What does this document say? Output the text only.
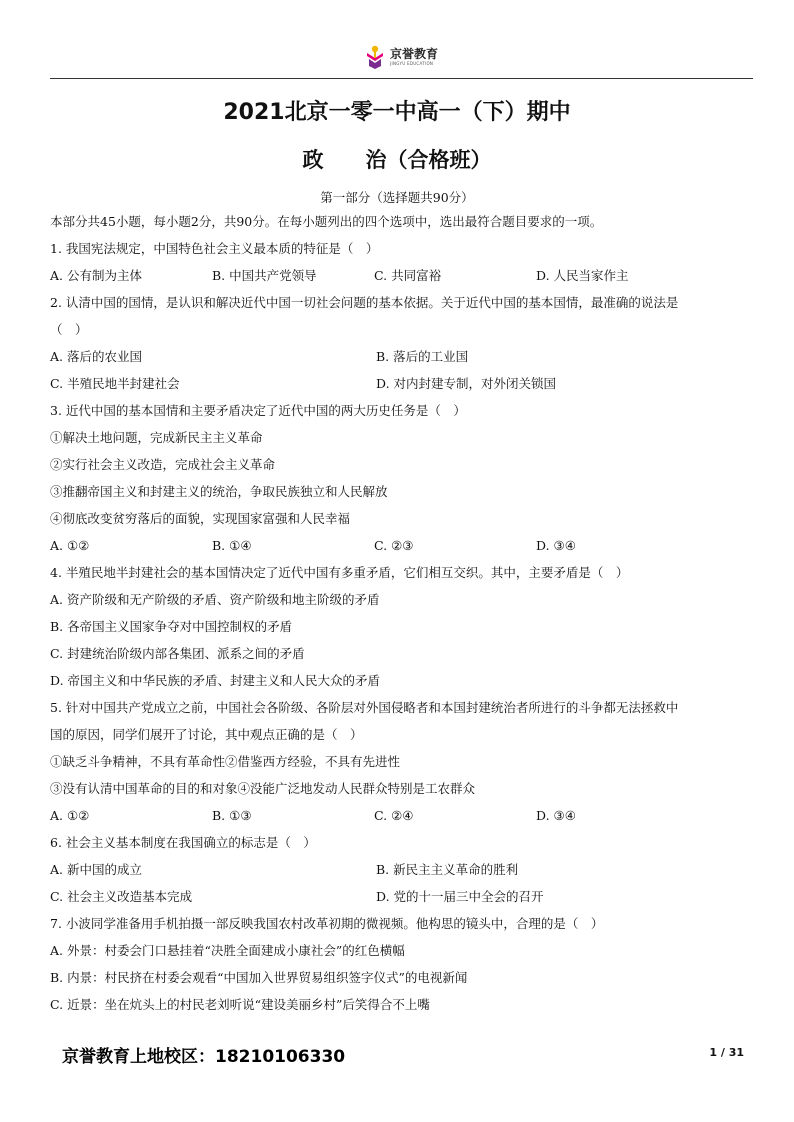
京誉教育
JINGYU EDUCATION
2021北京一零一中高一（下）期中
政　　治（合格班）
第一部分（选择题共90分）
本部分共45小题，每小题2分，共90分。在每小题列出的四个选项中，选出最符合题目要求的一项。
1. 我国宪法规定，中国特色社会主义最本质的特征是（　）
A. 公有制为主体	B. 中国共产党领导	C. 共同富裕	D. 人民当家作主
2. 认清中国的国情，是认识和解决近代中国一切社会问题的基本依据。关于近代中国的基本国情，最准确的说法是
（　）
A. 落后的农业国	B. 落后的工业国
C. 半殖民地半封建社会	D. 对内封建专制，对外闭关锁国
3. 近代中国的基本国情和主要矛盾决定了近代中国的两大历史任务是（　）
①解决土地问题，完成新民主主义革命
②实行社会主义改造，完成社会主义革命
③推翻帝国主义和封建主义的统治，争取民族独立和人民解放
④彻底改变贫穷落后的面貌，实现国家富强和人民幸福
A. ①②	B. ①④	C. ②③	D. ③④
4. 半殖民地半封建社会的基本国情决定了近代中国有多重矛盾，它们相互交织。其中，主要矛盾是（　）
A. 资产阶级和无产阶级的矛盾、资产阶级和地主阶级的矛盾
B. 各帝国主义国家争夺对中国控制权的矛盾
C. 封建统治阶级内部各集团、派系之间的矛盾
D. 帝国主义和中华民族的矛盾、封建主义和人民大众的矛盾
5. 针对中国共产党成立之前，中国社会各阶级、各阶层对外国侵略者和本国封建统治者所进行的斗争都无法拯救中
国的原因，同学们展开了讨论，其中观点正确的是（　）
①缺乏斗争精神，不具有革命性②借鉴西方经验，不具有先进性
③没有认清中国革命的目的和对象④没能广泛地发动人民群众特别是工农群众
A. ①②	B. ①③	C. ②④	D. ③④
6. 社会主义基本制度在我国确立的标志是（　）
A. 新中国的成立	B. 新民主主义革命的胜利
C. 社会主义改造基本完成	D. 党的十一届三中全会的召开
7. 小波同学准备用手机拍摄一部反映我国农村改革初期的微视频。他构思的镜头中，合理的是（　）
A. 外景：村委会门口悬挂着“决胜全面建成小康社会”的红色横幅
B. 内景：村民挤在村委会观看“中国加入世界贸易组织签字仪式”的电视新闻
C. 近景：坐在炕头上的村民老刘听说“建设美丽乡村”后笑得合不上嘴
京誉教育上地校区：18210106330	1 / 31
